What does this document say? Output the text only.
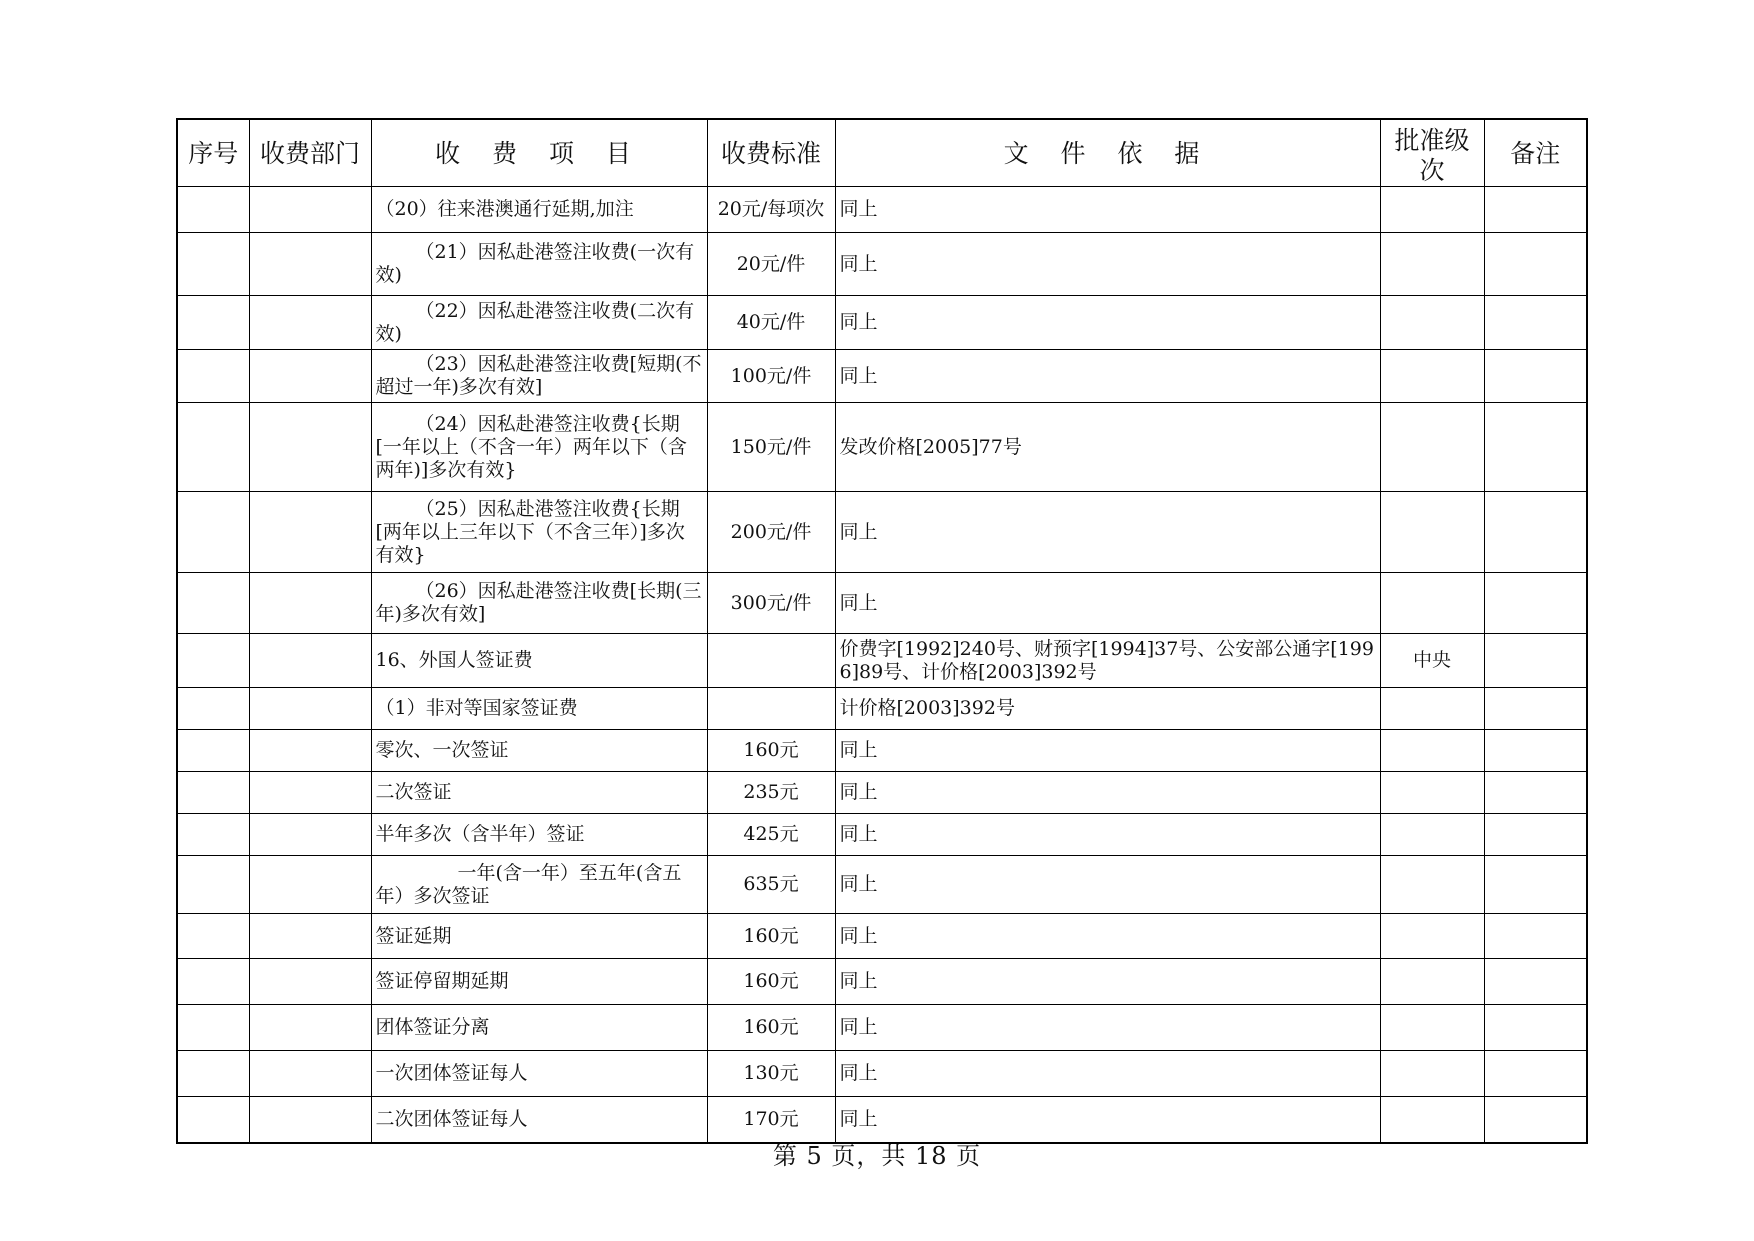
序号	收费部门	收 费 项 目	收费标准	文 件 依 据	批准级次	备注
		（20）往来港澳通行延期,加注	20元/每项次	同上		
		（21）因私赴港签注收费(一次有效)	20元/件	同上		
		（22）因私赴港签注收费(二次有效)	40元/件	同上		
		（23）因私赴港签注收费[短期(不超过一年)多次有效]	100元/件	同上		
		（24）因私赴港签注收费{长期[一年以上（不含一年）两年以下（含两年)]多次有效}	150元/件	发改价格[2005]77号		
		（25）因私赴港签注收费{长期[两年以上三年以下（不含三年）]多次有效}	200元/件	同上		
		（26）因私赴港签注收费[长期(三年)多次有效]	300元/件	同上		
		16、外国人签证费		价费字[1992]240号、财预字[1994]37号、公安部公通字[1996]89号、计价格[2003]392号	中央	
		（1）非对等国家签证费		计价格[2003]392号		
		零次、一次签证	160元	同上		
		二次签证	235元	同上		
		半年多次（含半年）签证	425元	同上		
		一年(含一年）至五年(含五年）多次签证	635元	同上		
		签证延期	160元	同上		
		签证停留期延期	160元	同上		
		团体签证分离	160元	同上		
		一次团体签证每人	130元	同上		
		二次团体签证每人	170元	同上		
第 5 页，共 18 页
